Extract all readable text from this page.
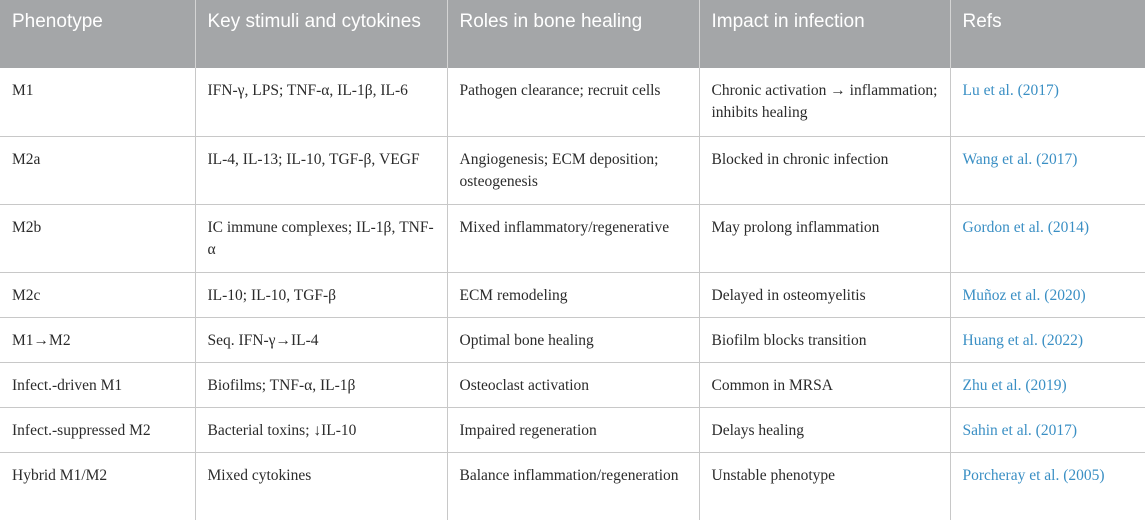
Phenotype	Key stimuli and cytokines	Roles in bone healing	Impact in infection	Refs
M1	IFN-γ, LPS; TNF-α, IL-1β, IL-6	Pathogen clearance; recruit cells	Chronic activation → inflammation; inhibits healing	Lu et al. (2017)
M2a	IL-4, IL-13; IL-10, TGF-β, VEGF	Angiogenesis; ECM deposition; osteogenesis	Blocked in chronic infection	Wang et al. (2017)
M2b	IC immune complexes; IL-1β, TNF-α	Mixed inflammatory/regenerative	May prolong inflammation	Gordon et al. (2014)
M2c	IL-10; IL-10, TGF-β	ECM remodeling	Delayed in osteomyelitis	Muñoz et al. (2020)
M1→M2	Seq. IFN-γ→IL-4	Optimal bone healing	Biofilm blocks transition	Huang et al. (2022)
Infect.-driven M1	Biofilms; TNF-α, IL-1β	Osteoclast activation	Common in MRSA	Zhu et al. (2019)
Infect.-suppressed M2	Bacterial toxins; ↓IL-10	Impaired regeneration	Delays healing	Sahin et al. (2017)
Hybrid M1/M2	Mixed cytokines	Balance inflammation/regeneration	Unstable phenotype	Porcheray et al. (2005)
